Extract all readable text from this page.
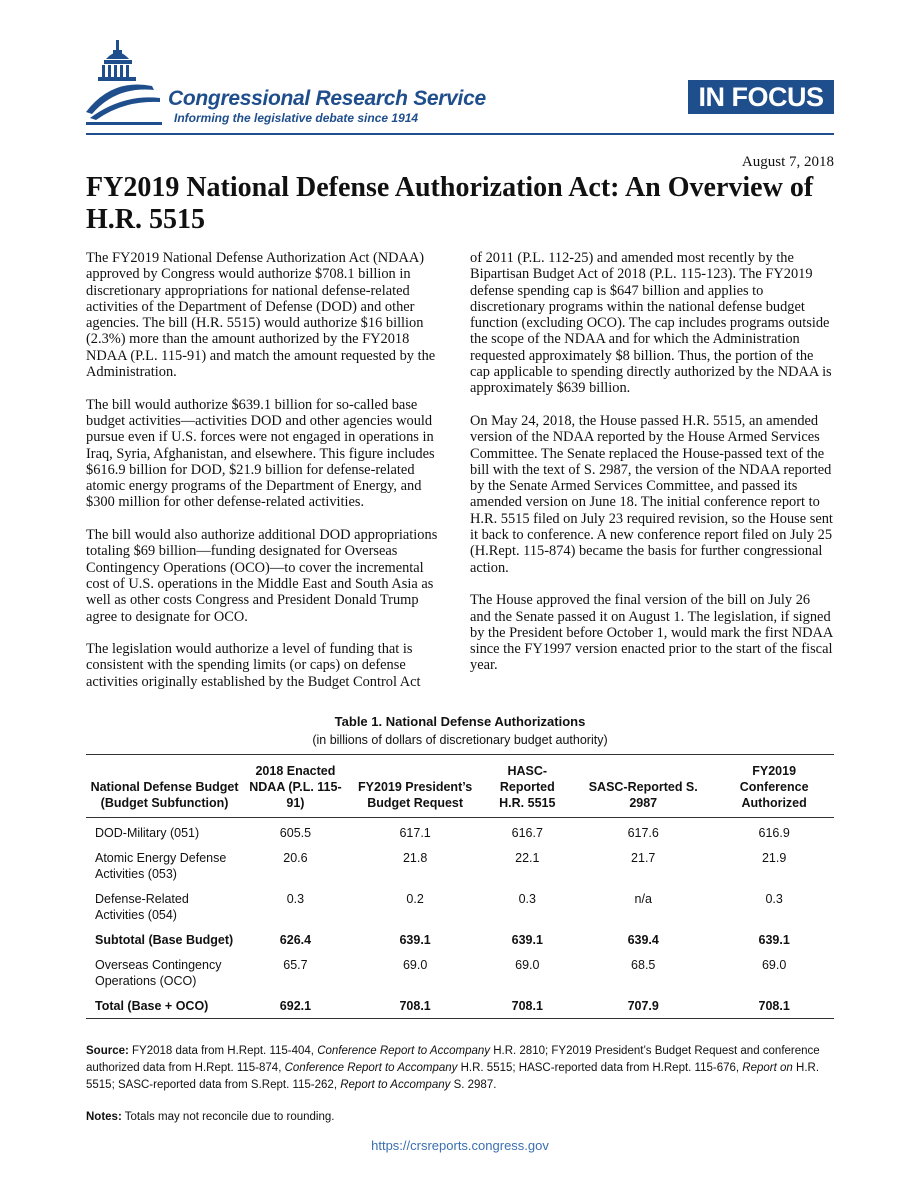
Congressional Research Service
Informing the legislative debate since 1914
IN FOCUS
August 7, 2018
FY2019 National Defense Authorization Act: An Overview of H.R. 5515

The FY2019 National Defense Authorization Act (NDAA) approved by Congress would authorize $708.1 billion in discretionary appropriations for national defense-related activities of the Department of Defense (DOD) and other agencies. The bill (H.R. 5515) would authorize $16 billion (2.3%) more than the amount authorized by the FY2018 NDAA (P.L. 115-91) and match the amount requested by the Administration.

The bill would authorize $639.1 billion for so-called base budget activities—activities DOD and other agencies would pursue even if U.S. forces were not engaged in operations in Iraq, Syria, Afghanistan, and elsewhere. This figure includes $616.9 billion for DOD, $21.9 billion for defense-related atomic energy programs of the Department of Energy, and $300 million for other defense-related activities.

The bill would also authorize additional DOD appropriations totaling $69 billion—funding designated for Overseas Contingency Operations (OCO)—to cover the incremental cost of U.S. operations in the Middle East and South Asia as well as other costs Congress and President Donald Trump agree to designate for OCO.

The legislation would authorize a level of funding that is consistent with the spending limits (or caps) on defense activities originally established by the Budget Control Act

of 2011 (P.L. 112-25) and amended most recently by the Bipartisan Budget Act of 2018 (P.L. 115-123). The FY2019 defense spending cap is $647 billion and applies to discretionary programs within the national defense budget function (excluding OCO). The cap includes programs outside the scope of the NDAA and for which the Administration requested approximately $8 billion. Thus, the portion of the cap applicable to spending directly authorized by the NDAA is approximately $639 billion.

On May 24, 2018, the House passed H.R. 5515, an amended version of the NDAA reported by the House Armed Services Committee. The Senate replaced the House-passed text of the bill with the text of S. 2987, the version of the NDAA reported by the Senate Armed Services Committee, and passed its amended version on June 18. The initial conference report to H.R. 5515 filed on July 23 required revision, so the House sent it back to conference. A new conference report filed on July 25 (H.Rept. 115-874) became the basis for further congressional action.

The House approved the final version of the bill on July 26 and the Senate passed it on August 1. The legislation, if signed by the President before October 1, would mark the first NDAA since the FY1997 version enacted prior to the start of the fiscal year.

Table 1. National Defense Authorizations
(in billions of dollars of discretionary budget authority)
National Defense Budget (Budget Subfunction)	2018 Enacted NDAA (P.L. 115-91)	FY2019 President’s Budget Request	HASC-Reported H.R. 5515	SASC-Reported S. 2987	FY2019 Conference Authorized
DOD-Military (051)	605.5	617.1	616.7	617.6	616.9
Atomic Energy Defense Activities (053)	20.6	21.8	22.1	21.7	21.9
Defense-Related Activities (054)	0.3	0.2	0.3	n/a	0.3
Subtotal (Base Budget)	626.4	639.1	639.1	639.4	639.1
Overseas Contingency Operations (OCO)	65.7	69.0	69.0	68.5	69.0
Total (Base + OCO)	692.1	708.1	708.1	707.9	708.1
Source: FY2018 data from H.Rept. 115-404, Conference Report to Accompany H.R. 2810; FY2019 President’s Budget Request and conference authorized data from H.Rept. 115-874, Conference Report to Accompany H.R. 5515; HASC-reported data from H.Rept. 115-676, Report on H.R. 5515; SASC-reported data from S.Rept. 115-262, Report to Accompany S. 2987.
Notes: Totals may not reconcile due to rounding.
https://crsreports.congress.gov
